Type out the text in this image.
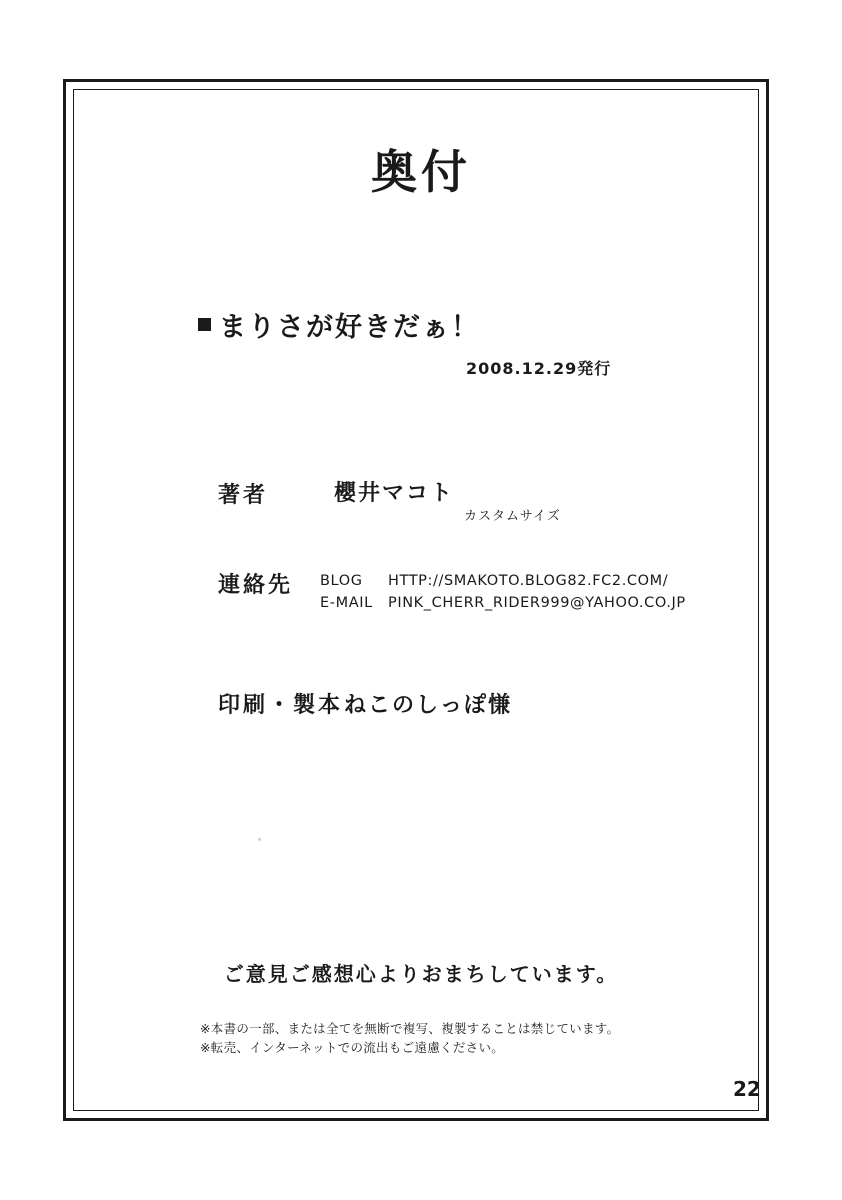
奥付
まりさが好きだぁ！
2008.12.29発行
著者	櫻井マコト
カスタムサイズ
連絡先 BLOG HTTP://SMAKOTO.BLOG82.FC2.COM/
E-MAIL PINK_CHERR_RIDER999@YAHOO.CO.JP
印刷・製本 ねこのしっぽ慊
ご意見ご感想心よりおまちしています。
※本書の一部、または全てを無断で複写、複製することは禁じています。
※転売、インターネットでの流出もご遠慮ください。
22
